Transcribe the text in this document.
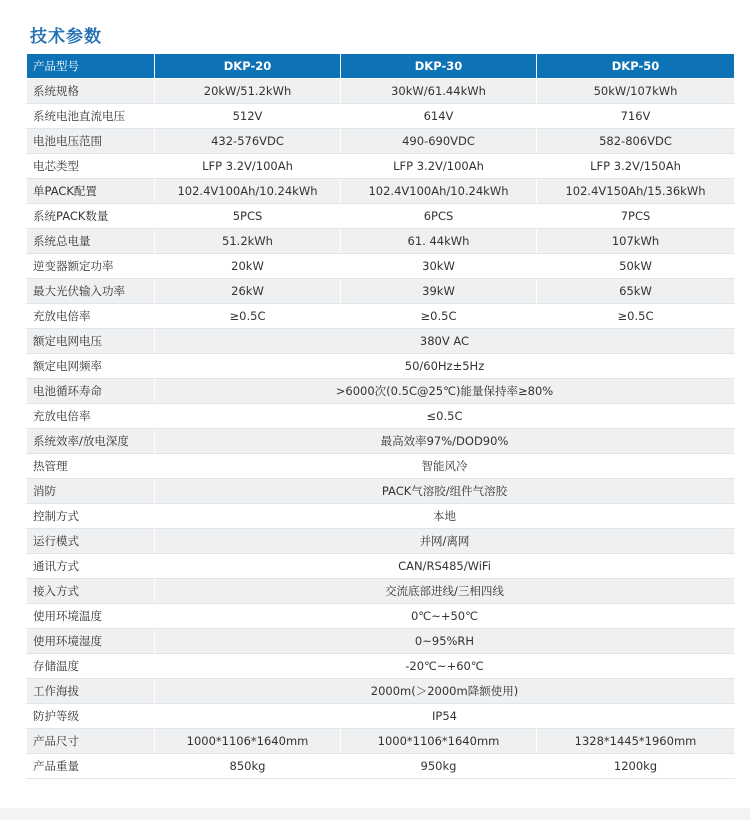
技术参数
产品型号	DKP-20	DKP-30	DKP-50
系统规格	20kW/51.2kWh	30kW/61.44kWh	50kW/107kWh
系统电池直流电压	512V	614V	716V
电池电压范围	432-576VDC	490-690VDC	582-806VDC
电芯类型	LFP 3.2V/100Ah	LFP 3.2V/100Ah	LFP 3.2V/150Ah
单PACK配置	102.4V100Ah/10.24kWh	102.4V100Ah/10.24kWh	102.4V150Ah/15.36kWh
系统PACK数量	5PCS	6PCS	7PCS
系统总电量	51.2kWh	61. 44kWh	107kWh
逆变器额定功率	20kW	30kW	50kW
最大光伏输入功率	26kW	39kW	65kW
充放电倍率	≥0.5C	≥0.5C	≥0.5C
额定电网电压	380V AC		
额定电网频率	50/60Hz±5Hz		
电池循环寿命	>6000次(0.5C@25℃)能量保持率≥80%		
充放电倍率	≤0.5C		
系统效率/放电深度	最高效率97%/DOD90%		
热管理	智能风冷		
消防	PACK气溶胶/组件气溶胶		
控制方式	本地		
运行模式	并网/离网		
通讯方式	CAN/RS485/WiFi		
接入方式	交流底部进线/三相四线		
使用环境温度	0℃~+50℃		
使用环境湿度	0~95%RH		
存储温度	-20℃~+60℃		
工作海拔	2000m(＞2000m降额使用)		
防护等级	IP54		
产品尺寸	1000*1106*1640mm	1000*1106*1640mm	1328*1445*1960mm
产品重量	850kg	950kg	1200kg
